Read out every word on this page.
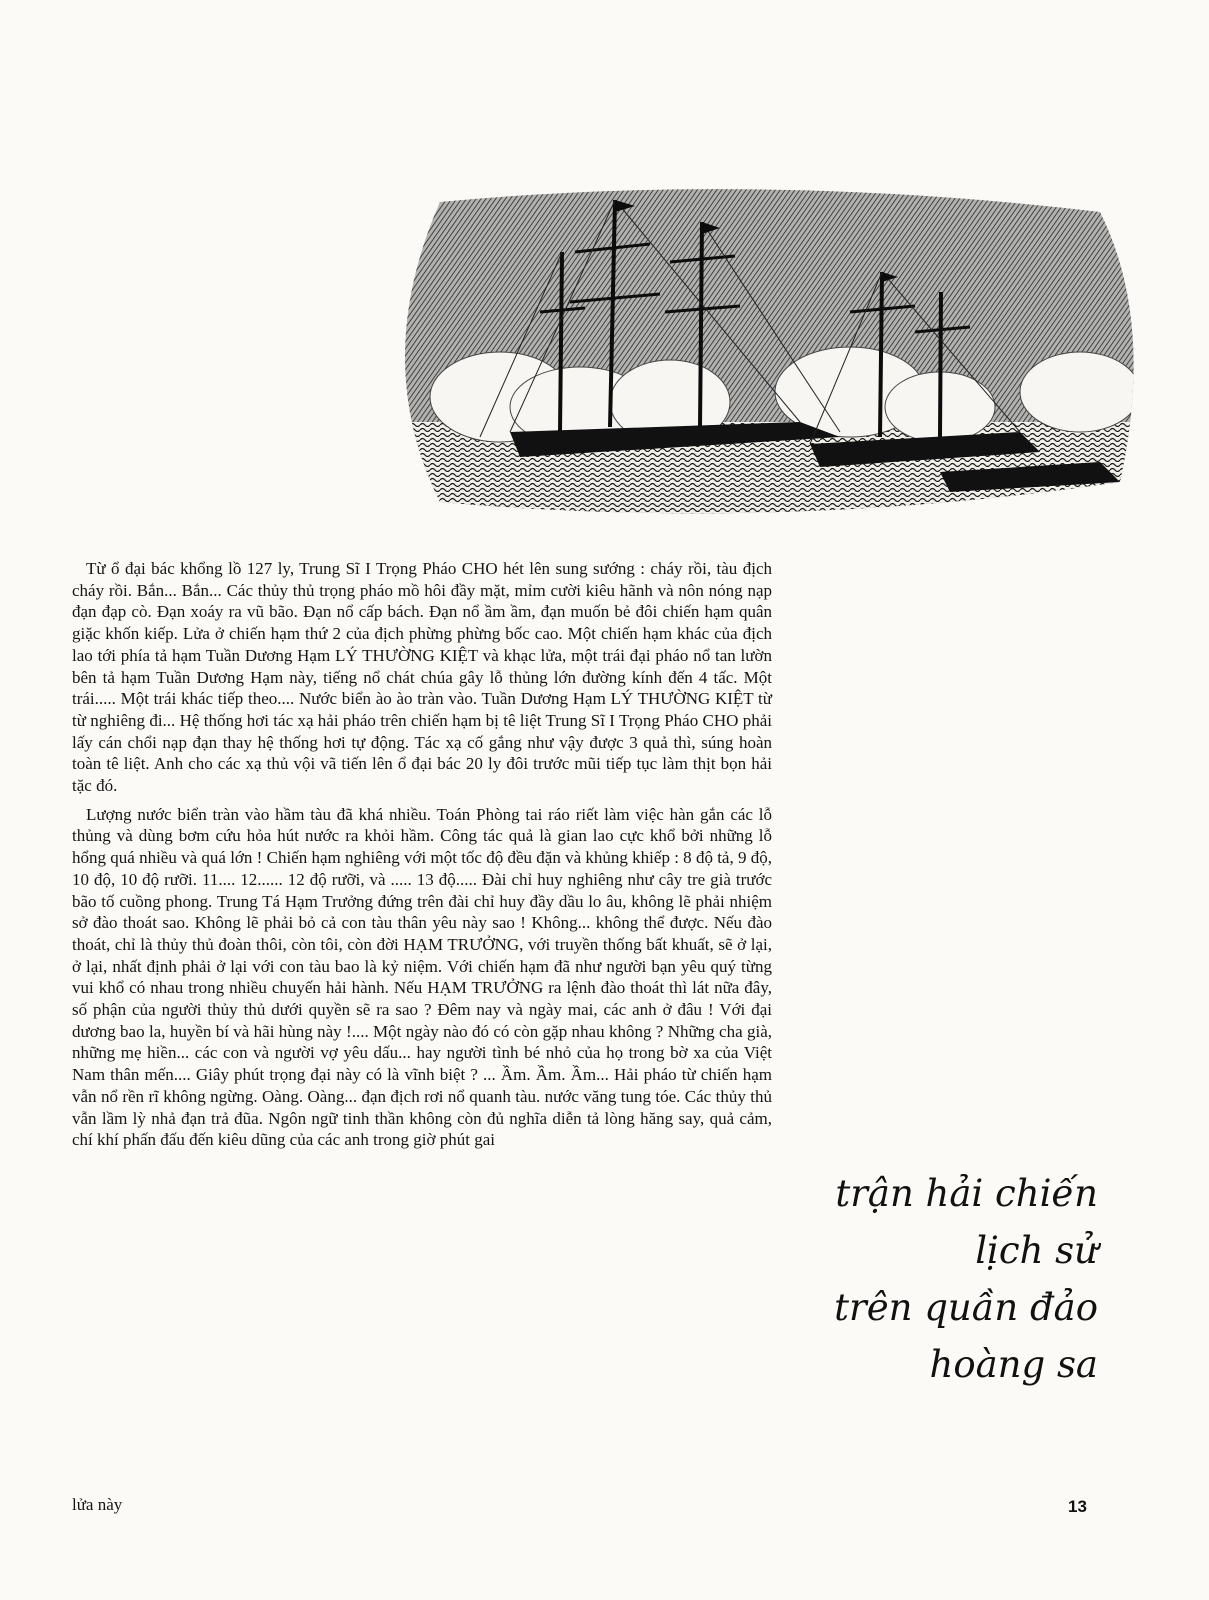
Từ ổ đại bác khổng lồ 127 ly, Trung Sĩ I Trọng Pháo CHO hét lên sung sướng : cháy rồi, tàu địch cháy rồi. Bắn... Bắn... Các thủy thủ trọng pháo mồ hôi đầy mặt, mỉm cười kiêu hãnh và nôn nóng nạp đạn đạp cò. Đạn xoáy ra vũ bão. Đạn nổ cấp bách. Đạn nổ ầm ầm, đạn muốn bẻ đôi chiến hạm quân giặc khốn kiếp. Lửa ở chiến hạm thứ 2 của địch phừng phừng bốc cao. Một chiến hạm khác của địch lao tới phía tả hạm Tuần Dương Hạm LÝ THƯỜNG KIỆT và khạc lửa, một trái đại pháo nổ tan lườn bên tả hạm Tuần Dương Hạm này, tiếng nổ chát chúa gây lỗ thủng lớn đường kính đến 4 tấc. Một trái..... Một trái khác tiếp theo.... Nước biển ào ào tràn vào. Tuần Dương Hạm LÝ THƯỜNG KIỆT từ từ nghiêng đi... Hệ thống hơi tác xạ hải pháo trên chiến hạm bị tê liệt Trung Sĩ I Trọng Pháo CHO phải lấy cán chổi nạp đạn thay hệ thống hơi tự động. Tác xạ cố gắng như vậy được 3 quả thì, súng hoàn toàn tê liệt. Anh cho các xạ thủ vội vã tiến lên ổ đại bác 20 ly đôi trước mũi tiếp tục làm thịt bọn hải tặc đó.

Lượng nước biển tràn vào hầm tàu đã khá nhiều. Toán Phòng tai ráo riết làm việc hàn gắn các lỗ thủng và dùng bơm cứu hỏa hút nước ra khỏi hầm. Công tác quả là gian lao cực khổ bởi những lỗ hổng quá nhiều và quá lớn ! Chiến hạm nghiêng với một tốc độ đều đặn và khủng khiếp : 8 độ tả, 9 độ, 10 độ, 10 độ rưỡi. 11.... 12...... 12 độ rưỡi, và ..... 13 độ..... Đài chỉ huy nghiêng như cây tre già trước bão tố cuồng phong. Trung Tá Hạm Trưởng đứng trên đài chỉ huy đầy dầu lo âu, không lẽ phải nhiệm sở đào thoát sao. Không lẽ phải bỏ cả con tàu thân yêu này sao ! Không... không thể được. Nếu đào thoát, chỉ là thủy thủ đoàn thôi, còn tôi, còn đời HẠM TRƯỞNG, với truyền thống bất khuất, sẽ ở lại, ở lại, nhất định phải ở lại với con tàu bao là kỷ niệm. Với chiến hạm đã như người bạn yêu quý từng vui khổ có nhau trong nhiều chuyến hải hành. Nếu HẠM TRƯỞNG ra lệnh đào thoát thì lát nữa đây, số phận của người thủy thủ dưới quyền sẽ ra sao ? Đêm nay và ngày mai, các anh ở đâu ! Với đại dương bao la, huyền bí và hãi hùng này !.... Một ngày nào đó có còn gặp nhau không ? Những cha già, những mẹ hiền... các con và người vợ yêu dấu... hay người tình bé nhỏ của họ trong bờ xa của Việt Nam thân mến.... Giây phút trọng đại này có là vĩnh biệt ? ... Ầm. Ầm. Ầm... Hải pháo từ chiến hạm vẫn nổ rền rĩ không ngừng. Oàng. Oàng... đạn địch rơi nổ quanh tàu. nước văng tung tóe. Các thủy thủ vẫn lầm lỳ nhả đạn trả đũa. Ngôn ngữ tinh thần không còn đủ nghĩa diễn tả lòng hăng say, quả cảm, chí khí phấn đấu đến kiêu dũng của các anh trong giờ phút gai

lửa này
trận hải chiến
lịch sử
trên quần đảo
hoàng sa
13
